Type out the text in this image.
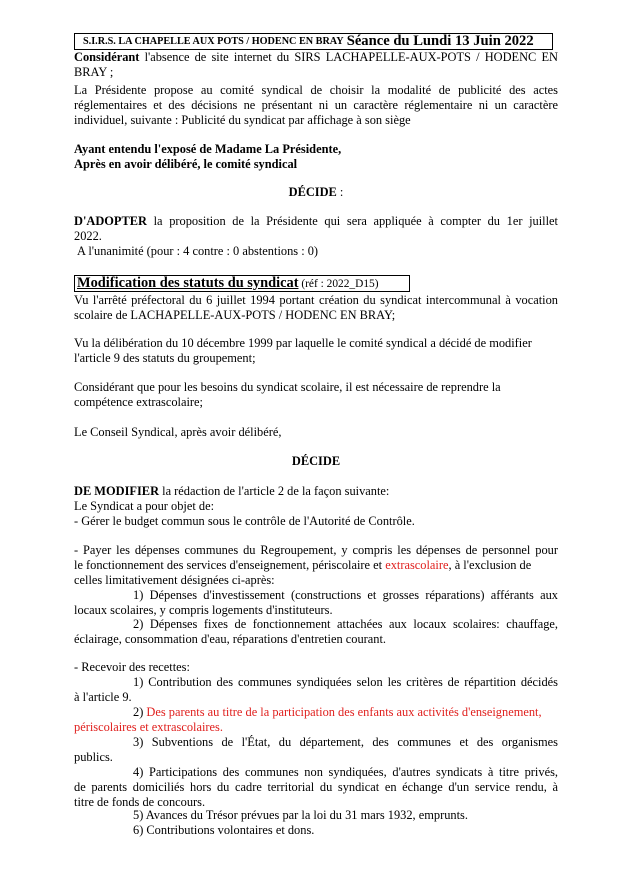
S.I.R.S. LA CHAPELLE AUX POTS / HODENC EN BRAY Séance du Lundi 13 Juin 2022
Considérant l'absence de site internet du SIRS LACHAPELLE-AUX-POTS / HODENC EN
BRAY ;
La Présidente propose au comité syndical de choisir la modalité de publicité des actes
réglementaires et des décisions ne présentant ni un caractère réglementaire ni un caractère
individuel, suivante : Publicité du syndicat par affichage à son siège
Ayant entendu l'exposé de Madame La Présidente,
Après en avoir délibéré, le comité syndical
DÉCIDE :
D'ADOPTER la proposition de la Présidente qui sera appliquée à compter du 1er juillet
2022.
A l'unanimité (pour : 4 contre : 0 abstentions : 0)
Modification des statuts du syndicat (réf : 2022_D15)
Vu l'arrêté préfectoral du 6 juillet 1994 portant création du syndicat intercommunal à vocation
scolaire de LACHAPELLE-AUX-POTS / HODENC EN BRAY;
Vu la délibération du 10 décembre 1999 par laquelle le comité syndical a décidé de modifier
l'article 9 des statuts du groupement;
Considérant que pour les besoins du syndicat scolaire, il est nécessaire de reprendre la
compétence extrascolaire;
Le Conseil Syndical, après avoir délibéré,
DÉCIDE
DE MODIFIER la rédaction de l'article 2 de la façon suivante:
Le Syndicat a pour objet de:
- Gérer le budget commun sous le contrôle de l'Autorité de Contrôle.
- Payer les dépenses communes du Regroupement, y compris les dépenses de personnel pour
le fonctionnement des services d'enseignement, périscolaire et extrascolaire, à l'exclusion de
celles limitativement désignées ci-après:
1) Dépenses d'investissement (constructions et grosses réparations) afférants aux
locaux scolaires, y compris logements d'instituteurs.
2) Dépenses fixes de fonctionnement attachées aux locaux scolaires: chauffage,
éclairage, consommation d'eau, réparations d'entretien courant.
- Recevoir des recettes:
1) Contribution des communes syndiquées selon les critères de répartition décidés
à l'article 9.
2) Des parents au titre de la participation des enfants aux activités d'enseignement,
périscolaires et extrascolaires.
3) Subventions de l'État, du département, des communes et des organismes
publics.
4) Participations des communes non syndiquées, d'autres syndicats à titre privés,
de parents domiciliés hors du cadre territorial du syndicat en échange d'un service rendu, à
titre de fonds de concours.
5) Avances du Trésor prévues par la loi du 31 mars 1932, emprunts.
6) Contributions volontaires et dons.
